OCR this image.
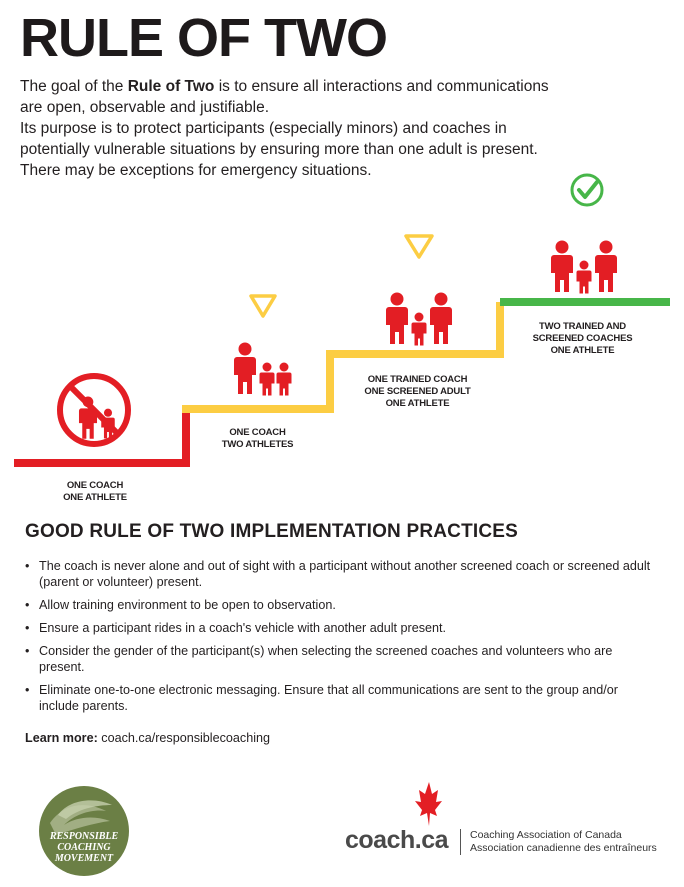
RULE OF TWO
The goal of the Rule of Two is to ensure all interactions and communications are open, observable and justifiable.
Its purpose is to protect participants (especially minors) and coaches in potentially vulnerable situations by ensuring more than one adult is present. There may be exceptions for emergency situations.
ONE COACH
ONE ATHLETE
ONE COACH
TWO ATHLETES
ONE TRAINED COACH
ONE SCREENED ADULT
ONE ATHLETE
TWO TRAINED AND
SCREENED COACHES
ONE ATHLETE
GOOD RULE OF TWO IMPLEMENTATION PRACTICES
• The coach is never alone and out of sight with a participant without another screened coach or screened adult (parent or volunteer) present.
• Allow training environment to be open to observation.
• Ensure a participant rides in a coach's vehicle with another adult present.
• Consider the gender of the participant(s) when selecting the screened coaches and volunteers who are present.
• Eliminate one-to-one electronic messaging. Ensure that all communications are sent to the group and/or include parents.
Learn more: coach.ca/responsiblecoaching
RESPONSIBLE
COACHING
MOVEMENT
coach.ca Coaching Association of Canada
Association canadienne des entraîneurs
